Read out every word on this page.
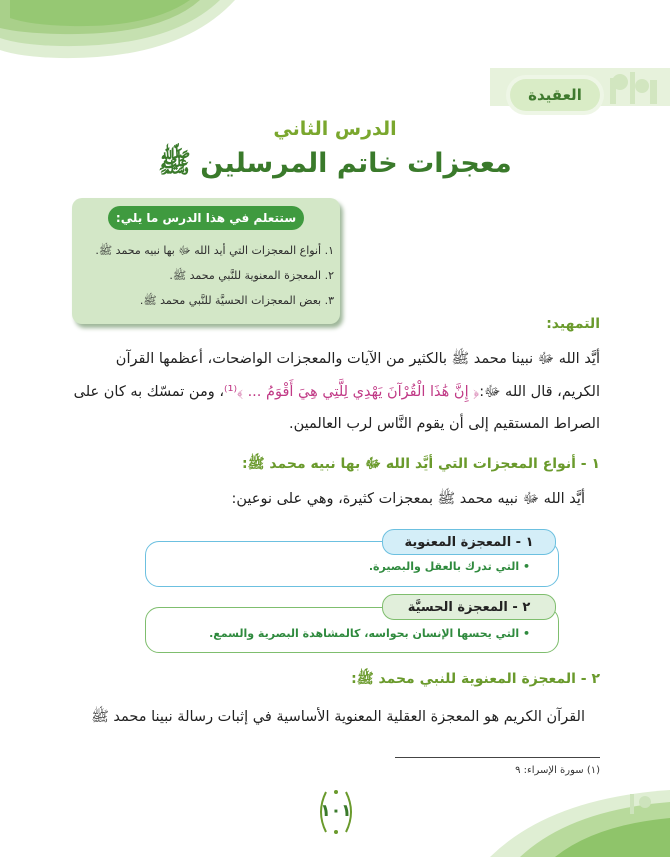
العقيدة
الدرس الثاني
معجزات خاتم المرسلين ﷺ
ستتعلم في هذا الدرس ما يلي:
١. أنواع المعجزات التي أيد الله ﷻ بها نبيه محمد ﷺ.
٢. المعجزة المعنوية للنَّبي محمد ﷺ.
٣. بعض المعجزات الحسيَّة للنَّبي محمد ﷺ.
التمهيد:
أيَّد الله ﷻ نبينا محمد ﷺ بالكثير من الآيات والمعجزات الواضحات، أعظمها القرآن
الكريم، قال الله ﷻ:﴿ إِنَّ هَٰذَا الْقُرْآنَ يَهْدِي لِلَّتِي هِيَ أَقْوَمُ ... ﴾⁽¹⁾، ومن تمسّك به كان على
الصراط المستقيم إلى أن يقوم النَّاس لرب العالمين.
١ - أنواع المعجزات التي أيَّد الله ﷻ بها نبيه محمد ﷺ:
أيَّد الله ﷻ نبيه محمد ﷺ بمعجزات كثيرة، وهي على نوعين:
١ - المعجزة المعنوية
• التي تدرك بالعقل والبصيرة.
٢ - المعجزة الحسيَّة
• التي يحسها الإنسان بحواسه، كالمشاهدة البصرية والسمع.
٢ - المعجزة المعنوية للنبي محمد ﷺ:
القرآن الكريم هو المعجزة العقلية المعنوية الأساسية في إثبات رسالة نبينا محمد ﷺ
(١) سورة الإسراء: ٩
١٠١
